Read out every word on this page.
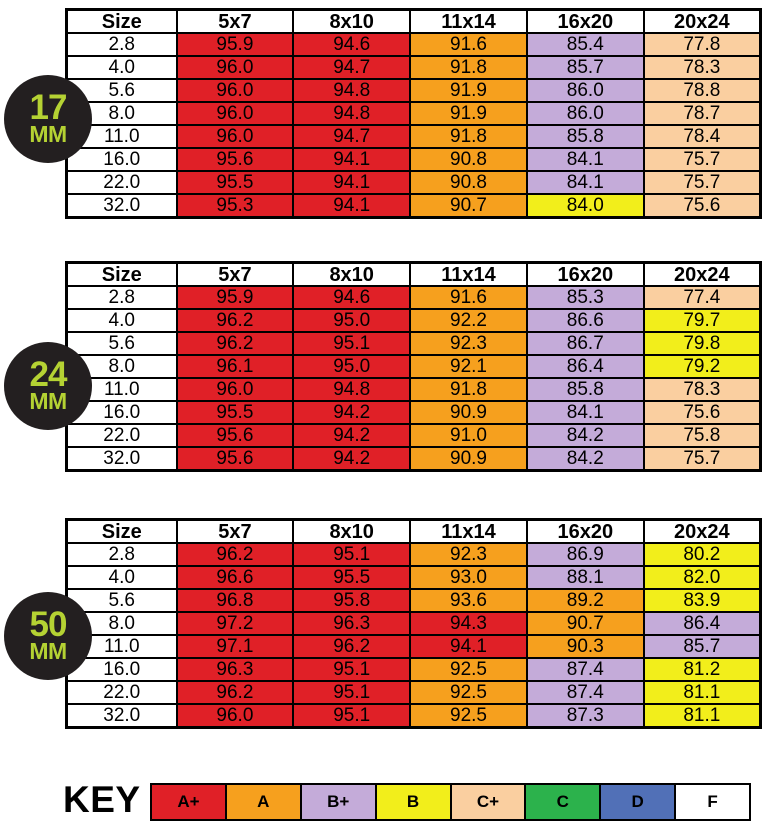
Size	5x7	8x10	11x14	16x20	20x24
2.8	95.9	94.6	91.6	85.4	77.8
4.0	96.0	94.7	91.8	85.7	78.3
5.6	96.0	94.8	91.9	86.0	78.8
8.0	96.0	94.8	91.9	86.0	78.7
11.0	96.0	94.7	91.8	85.8	78.4
16.0	95.6	94.1	90.8	84.1	75.7
22.0	95.5	94.1	90.8	84.1	75.7
32.0	95.3	94.1	90.7	84.0	75.6
Size	5x7	8x10	11x14	16x20	20x24
2.8	95.9	94.6	91.6	85.3	77.4
4.0	96.2	95.0	92.2	86.6	79.7
5.6	96.2	95.1	92.3	86.7	79.8
8.0	96.1	95.0	92.1	86.4	79.2
11.0	96.0	94.8	91.8	85.8	78.3
16.0	95.5	94.2	90.9	84.1	75.6
22.0	95.6	94.2	91.0	84.2	75.8
32.0	95.6	94.2	90.9	84.2	75.7
Size	5x7	8x10	11x14	16x20	20x24
2.8	96.2	95.1	92.3	86.9	80.2
4.0	96.6	95.5	93.0	88.1	82.0
5.6	96.8	95.8	93.6	89.2	83.9
8.0	97.2	96.3	94.3	90.7	86.4
11.0	97.1	96.2	94.1	90.3	85.7
16.0	96.3	95.1	92.5	87.4	81.2
22.0	96.2	95.1	92.5	87.4	81.1
32.0	96.0	95.1	92.5	87.3	81.1
17
MM
24
MM
50
MM
KEY	A+	A	B+	B	C+	C	D	F
